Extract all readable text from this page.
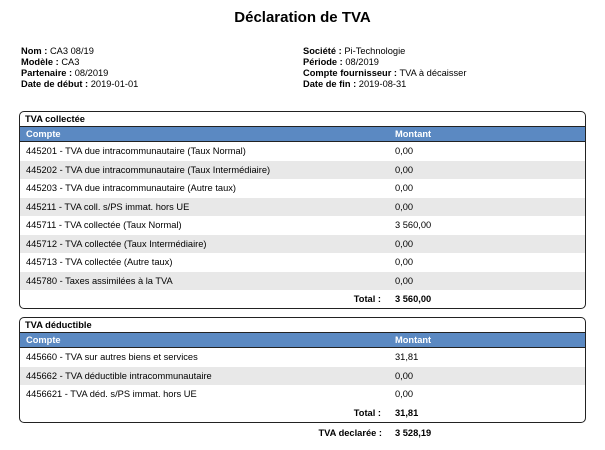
Déclaration de TVA
Nom : CA3 08/19
Modèle : CA3
Partenaire : 08/2019
Date de début : 2019-01-01
Société : Pi-Technologie
Période : 08/2019
Compte fournisseur : TVA à décaisser
Date de fin : 2019-08-31
TVA collectée
Compte	Montant
445201 - TVA due intracommunautaire (Taux Normal)	0,00
445202 - TVA due intracommunautaire (Taux Intermédiaire)	0,00
445203 - TVA due intracommunautaire (Autre taux)	0,00
445211 - TVA coll. s/PS immat. hors UE	0,00
445711 - TVA collectée (Taux Normal)	3 560,00
445712 - TVA collectée (Taux Intermédiaire)	0,00
445713 - TVA collectée (Autre taux)	0,00
445780 - Taxes assimilées à la TVA	0,00
Total : 3 560,00
TVA déductible
Compte	Montant
445660 - TVA sur autres biens et services	31,81
445662 - TVA déductible intracommunautaire	0,00
4456621 - TVA déd. s/PS immat. hors UE	0,00
Total : 31,81
TVA declarée : 3 528,19
